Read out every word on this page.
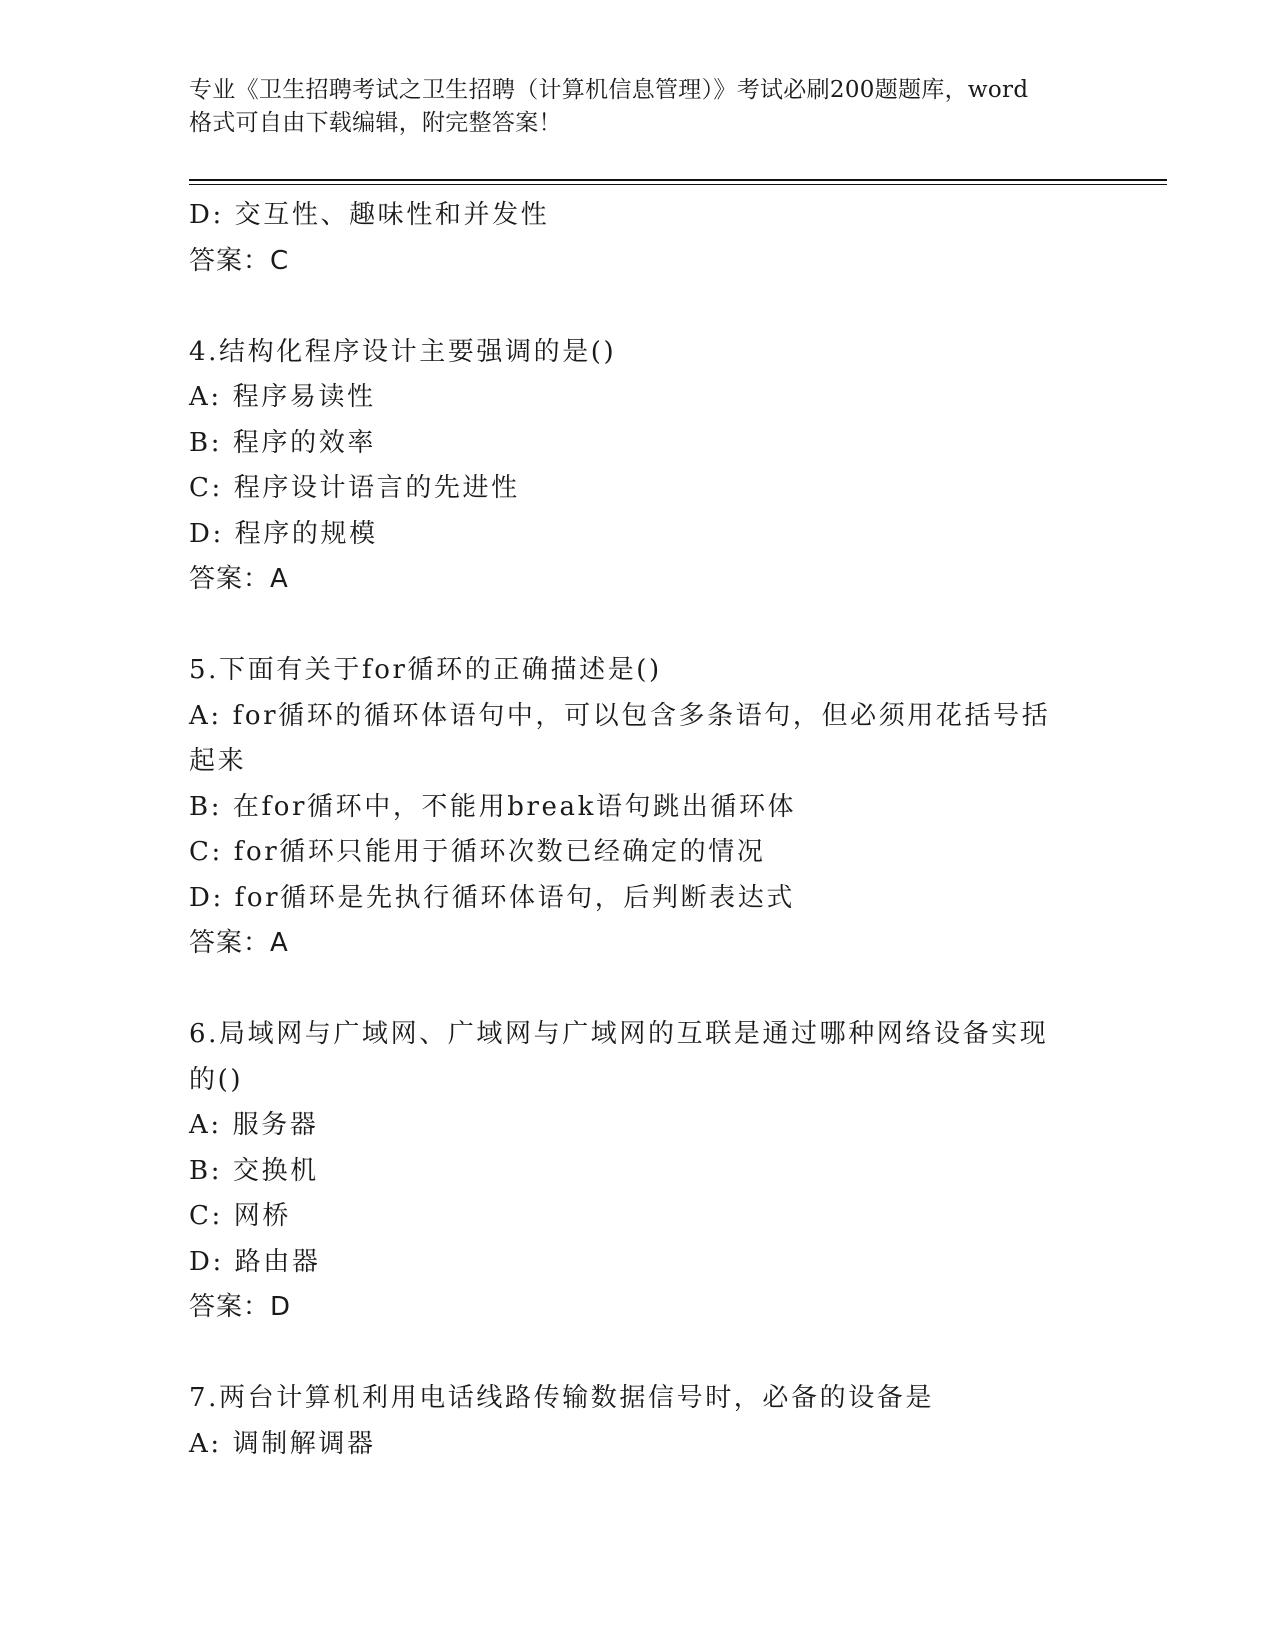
专业《卫生招聘考试之卫生招聘（计算机信息管理）》考试必刷200题题库，word
格式可自由下载编辑，附完整答案！

D: 交互性、趣味性和并发性

答案：C

4.结构化程序设计主要强调的是()

A: 程序易读性

B: 程序的效率

C: 程序设计语言的先进性

D: 程序的规模

答案：A

5.下面有关于for循环的正确描述是()

A: for循环的循环体语句中，可以包含多条语句，但必须用花括号括

起来

B: 在for循环中，不能用break语句跳出循环体

C: for循环只能用于循环次数已经确定的情况

D: for循环是先执行循环体语句，后判断表达式

答案：A

6.局域网与广域网、广域网与广域网的互联是通过哪种网络设备实现

的()

A: 服务器

B: 交换机

C: 网桥

D: 路由器

答案：D

7.两台计算机利用电话线路传输数据信号时，必备的设备是

A: 调制解调器
